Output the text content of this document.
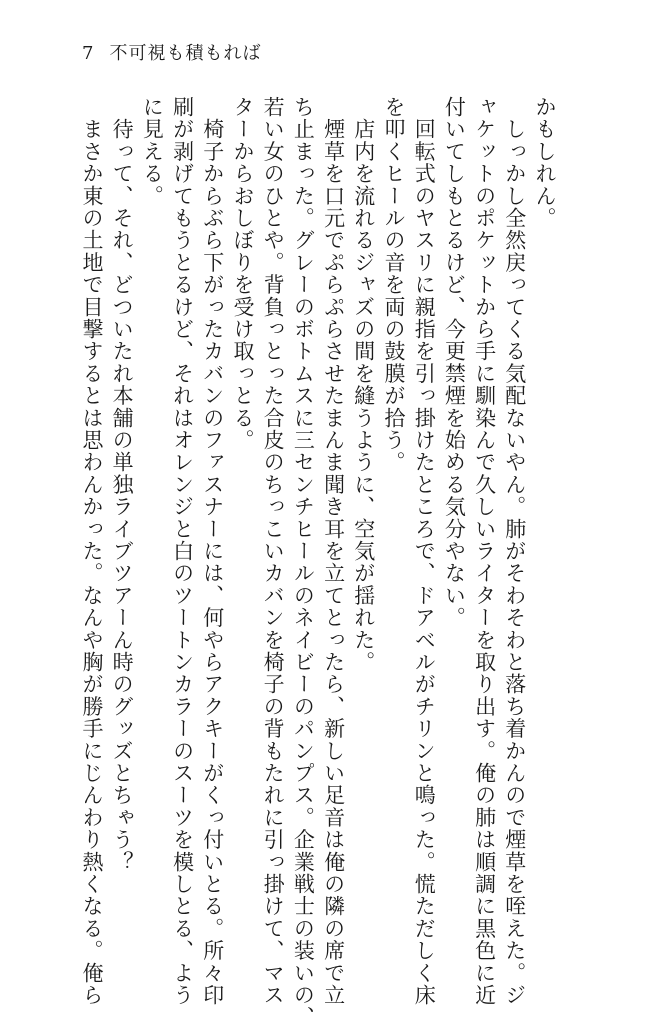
7 不可視も積もれば
かもしれん。
　しっかし全然戻ってくる気配ないやん。肺がそわそわと落ち着かんので煙草を咥えた。ジ
ャケットのポケットから手に馴染んで久しいライターを取り出す。俺の肺は順調に黒色に近
付いてしもとるけど、今更禁煙を始める気分やない。
　回転式のヤスリに親指を引っ掛けたところで、ドアベルがチリンと鳴った。慌ただしく床
を叩くヒールの音を両の鼓膜が拾う。
　店内を流れるジャズの間を縫うように、空気が揺れた。
　煙草を口元でぷらぷらさせたまんま聞き耳を立てとったら、新しい足音は俺の隣の席で立
ち止まった。グレーのボトムスに三センチヒールのネイビーのパンプス。企業戦士の装いの、
若い女のひとや。背負っとった合皮のちっこいカバンを椅子の背もたれに引っ掛けて、マス
ターからおしぼりを受け取っとる。
　椅子からぶら下がったカバンのファスナーには、何やらアクキーがくっ付いとる。所々印
刷が剥げてもうとるけど、それはオレンジと白のツートンカラーのスーツを模しとる、よう
に見える。
　待って、それ、どついたれ本舗の単独ライブツアーん時のグッズとちゃう？
　まさか東の土地で目撃するとは思わんかった。なんや胸が勝手にじんわり熱くなる。俺ら
